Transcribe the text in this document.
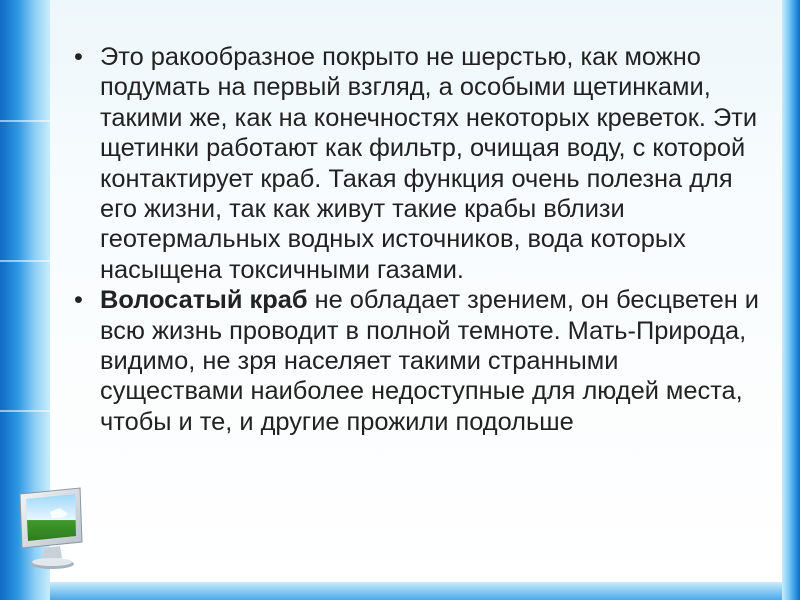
• Это ракообразное покрыто не шерстью, как можно подумать на первый взгляд, а особыми щетинками, такими же, как на конечностях некоторых креветок. Эти щетинки работают как фильтр, очищая воду, с которой контактирует краб. Такая функция очень полезна для его жизни, так как живут такие крабы вблизи геотермальных водных источников, вода которых насыщена токсичными газами.

• Волосатый краб не обладает зрением, он бесцветен и всю жизнь проводит в полной темноте. Мать-Природа, видимо, не зря населяет такими странными существами наиболее недоступные для людей места, чтобы и те, и другие прожили подольше
